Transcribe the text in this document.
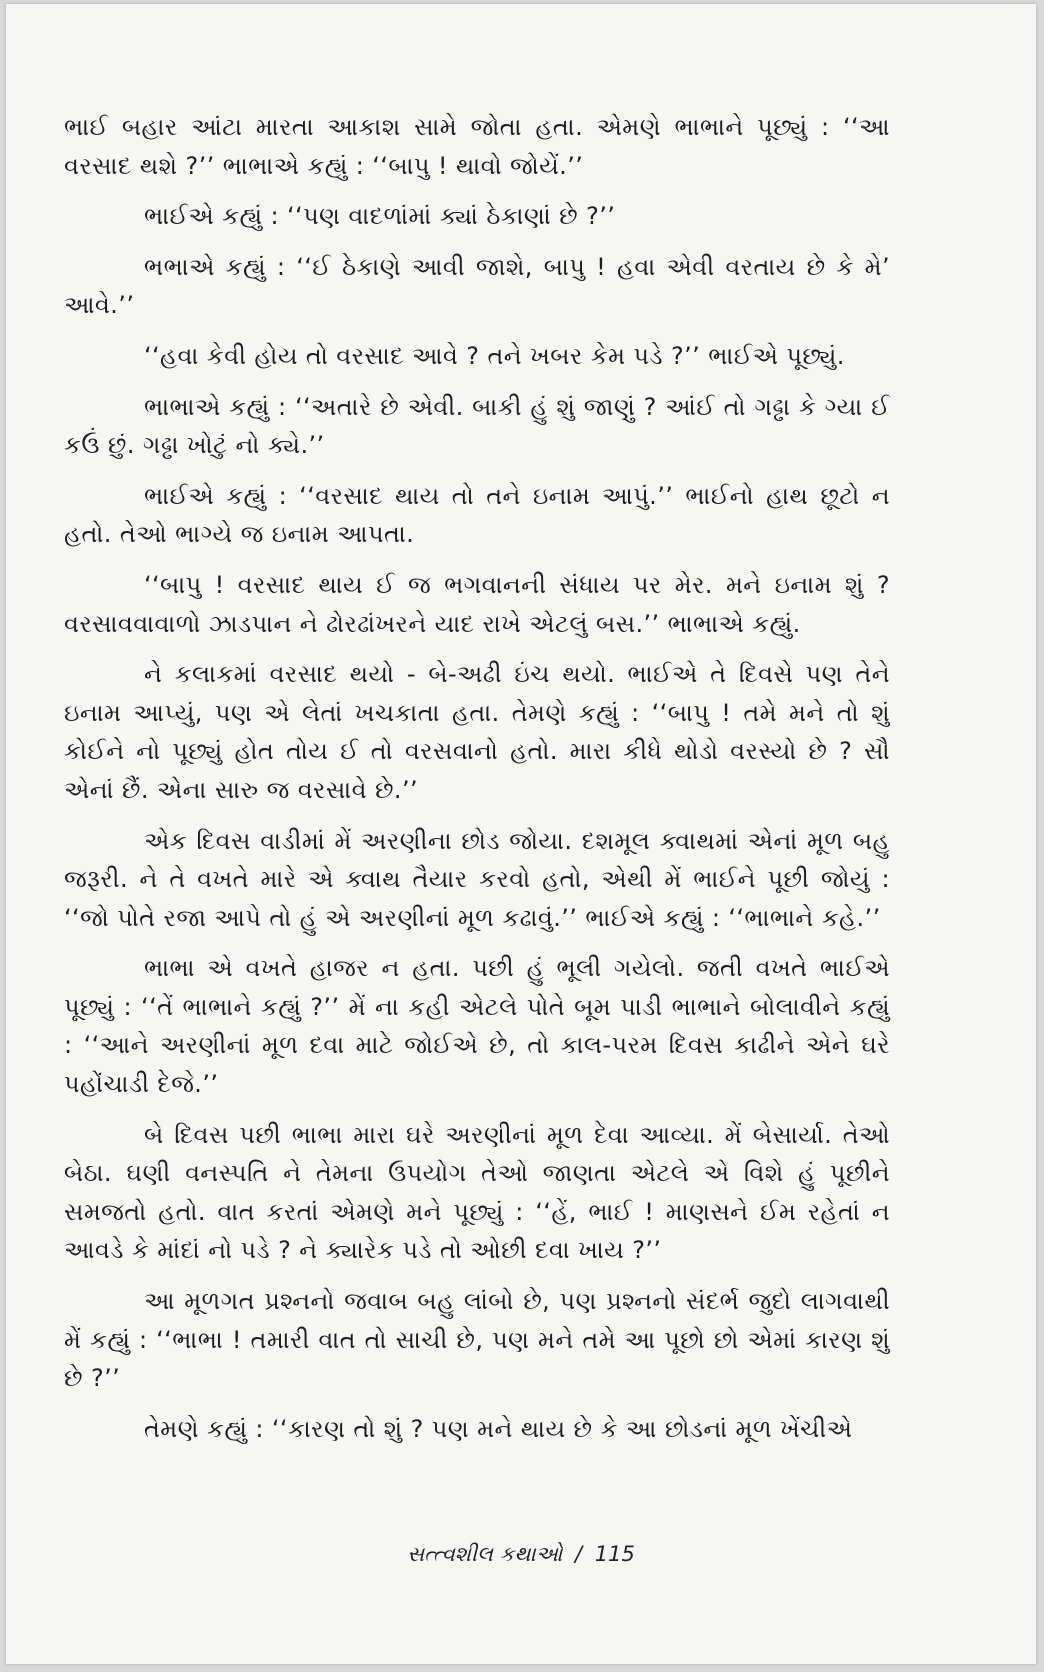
ભાઈ બહાર આંટા મારતા આકાશ સામે જોતા હતા. એમણે ભાભાને પૂછ્યું : ‘‘આ વરસાદ થશે ?’’ ભાભાએ કહ્યું : ‘‘બાપુ ! થાવો જોયેં.’’

ભાઈએ કહ્યું : ‘‘પણ વાદળાંમાં ક્યાં ઠેકાણાં છે ?’’

ભભાએ કહ્યું : ‘‘ઈ ઠેકાણે આવી જાશે, બાપુ ! હવા એવી વરતાય છે કે મે’ આવે.’’

‘‘હવા કેવી હોય તો વરસાદ આવે ? તને ખબર કેમ પડે ?’’ ભાઈએ પૂછ્યું.

ભાભાએ કહ્યું : ‘‘અતારે છે એવી. બાકી હું શું જાણું ? આંઈ તો ગઢ્ઢા કે ગ્યા ઈ કઉં છું. ગઢ્ઢા ખોટું નો ક્યે.’’

ભાઈએ કહ્યું : ‘‘વરસાદ થાય તો તને ઇનામ આપું.’’ ભાઈનો હાથ છૂટો ન હતો. તેઓ ભાગ્યે જ ઇનામ આપતા.

‘‘બાપુ ! વરસાદ થાય ઈ જ ભગવાનની સંધાય પર મેર. મને ઇનામ શું ? વરસાવવાવાળો ઝાડપાન ને ઢોરઢાંખરને યાદ રાખે એટલું બસ.’’ ભાભાએ કહ્યું.

ને કલાકમાં વરસાદ થયો - બે-અઢી ઇંચ થયો. ભાઈએ તે દિવસે પણ તેને ઇનામ આપ્યું, પણ એ લેતાં ખચકાતા હતા. તેમણે કહ્યું : ‘‘બાપુ ! તમે મને તો શું કોઈને નો પૂછ્યું હોત તોય ઈ તો વરસવાનો હતો. મારા કીધે થોડો વરસ્યો છે ? સૌ એનાં છૈં. એના સારુ જ વરસાવે છે.’’

એક દિવસ વાડીમાં મેં અરણીના છોડ જોયા. દશમૂલ ક્વાથમાં એનાં મૂળ બહુ જરૂરી. ને તે વખતે મારે એ ક્વાથ તૈયાર કરવો હતો, એથી મેં ભાઈને પૂછી જોયું : ‘‘જો પોતે રજા આપે તો હું એ અરણીનાં મૂળ કઢાવું.’’ ભાઈએ કહ્યું : ‘‘ભાભાને કહે.’’

ભાભા એ વખતે હાજર ન હતા. પછી હું ભૂલી ગયેલો. જતી વખતે ભાઈએ પૂછ્યું : ‘‘તેં ભાભાને કહ્યું ?’’ મેં ના કહી એટલે પોતે બૂમ પાડી ભાભાને બોલાવીને કહ્યું : ‘‘આને અરણીનાં મૂળ દવા માટે જોઈએ છે, તો કાલ-પરમ દિવસ કાઢીને એને ઘરે પહોંચાડી દેજે.’’

બે દિવસ પછી ભાભા મારા ઘરે અરણીનાં મૂળ દેવા આવ્યા. મેં બેસાર્યા. તેઓ બેઠા. ઘણી વનસ્પતિ ને તેમના ઉપયોગ તેઓ જાણતા એટલે એ વિશે હું પૂછીને સમજતો હતો. વાત કરતાં એમણે મને પૂછ્યું : ‘‘હેં, ભાઈ ! માણસને ઈમ રહેતાં ન આવડે કે માંદાં નો પડે ? ને ક્યારેક પડે તો ઓછી દવા ખાય ?’’

આ મૂળગત પ્રશ્નનો જવાબ બહુ લાંબો છે, પણ પ્રશ્નનો સંદર્ભ જુદો લાગવાથી મેં કહ્યું : ‘‘ભાભા ! તમારી વાત તો સાચી છે, પણ મને તમે આ પૂછો છો એમાં કારણ શું છે ?’’

તેમણે કહ્યું : ‘‘કારણ તો શું ? પણ મને થાય છે કે આ છોડનાં મૂળ ખેંચીએ

સત્ત્વશીલ કથાઓ / 115
